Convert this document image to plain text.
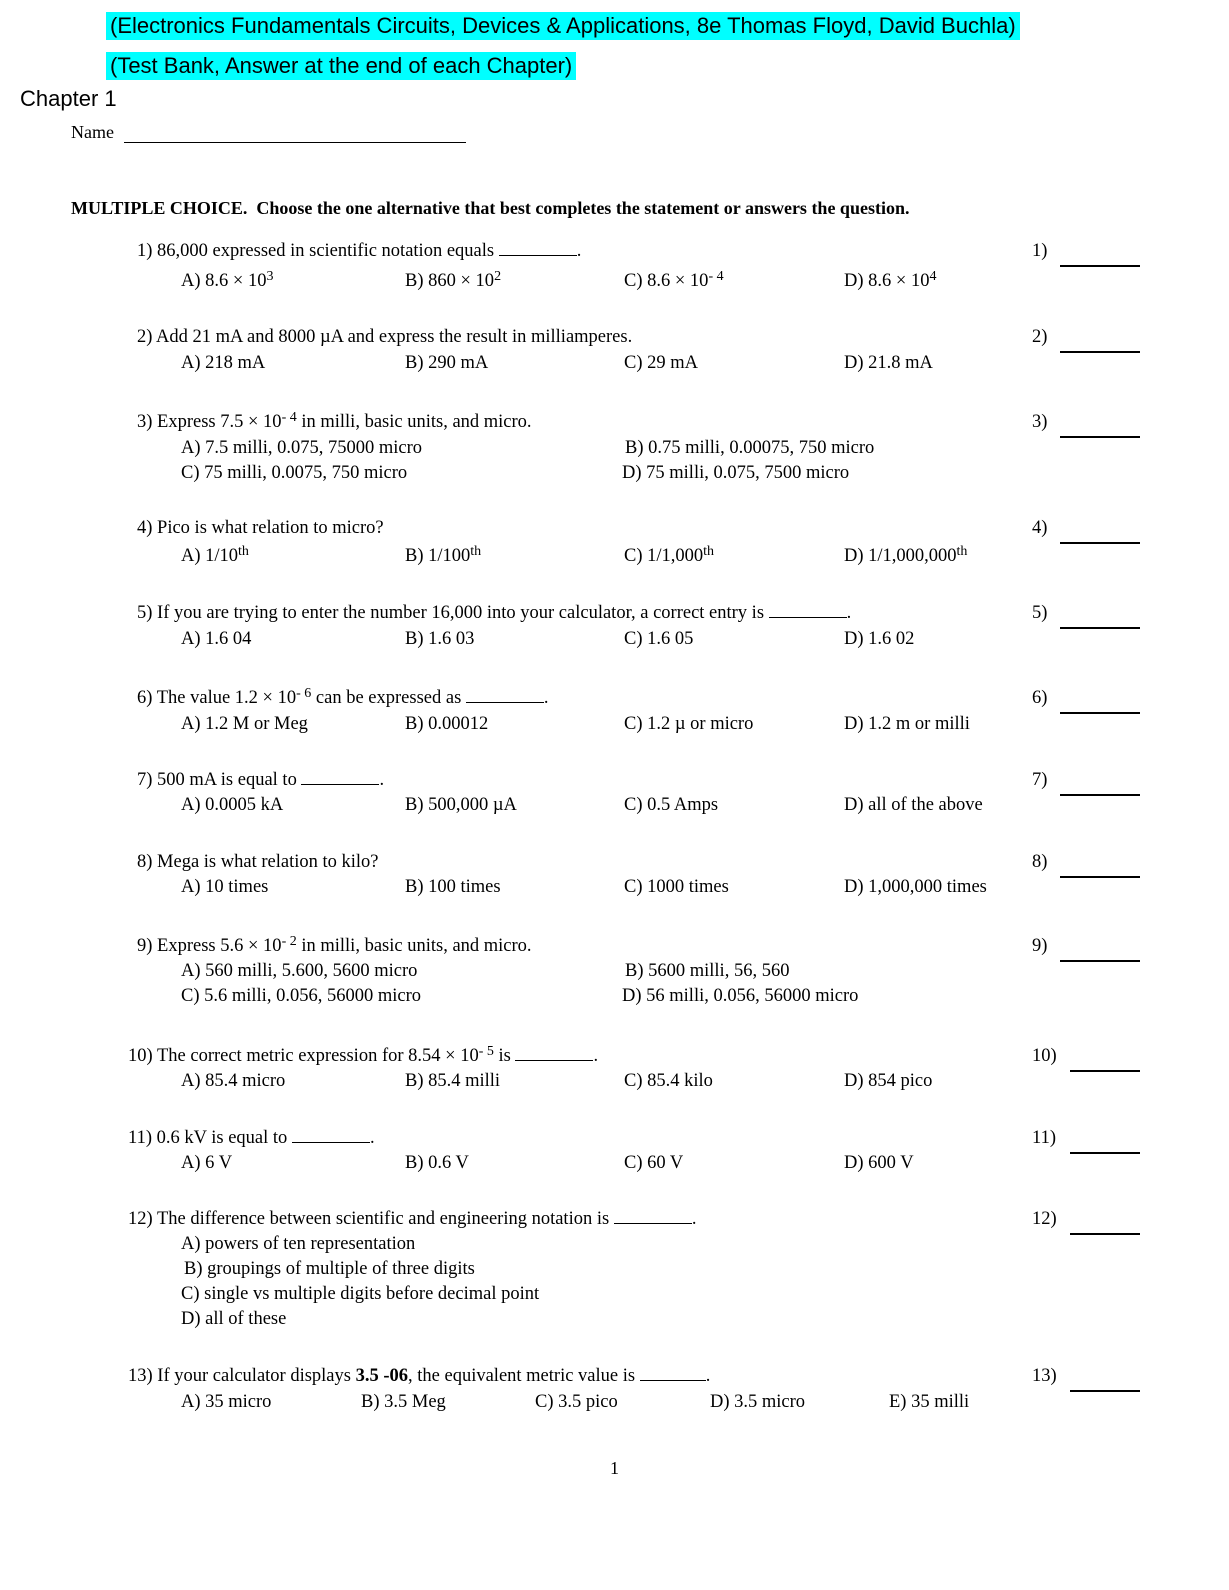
(Electronics Fundamentals Circuits, Devices & Applications, 8e Thomas Floyd, David Buchla)
(Test Bank, Answer at the end of each Chapter)
Chapter 1
Name
MULTIPLE CHOICE. Choose the one alternative that best completes the statement or answers the question.
1) 86,000 expressed in scientific notation equals	.	1)
A) $8.6 \times 10^3$	B) $860 \times 10^2$	C) $8.6 \times 10^{- 4}$	D) $8.6 \times 10^4$
2) Add 21 mA and 8000 µA and express the result in milliamperes.	2)
A) 218 mA	B) 290 mA	C) 29 mA	D) 21.8 mA
3) Express $7.5 \times 10^{- 4}$ in milli, basic units, and micro.	3)
A) 7.5 milli, 0.075, 75000 micro	B) 0.75 milli, 0.00075, 750 micro
C) 75 milli, 0.0075, 750 micro	D) 75 milli, 0.075, 7500 micro
4) Pico is what relation to micro?	4)
A) 1/10th	B) 1/100th	C) 1/1,000th	D) 1/1,000,000th
5) If you are trying to enter the number 16,000 into your calculator, a correct entry is	.	5)
A) 1.6 04	B) 1.6 03	C) 1.6 05	D) 1.6 02
6) The value $1.2 \times 10^{- 6}$ can be expressed as	.	6)
A) 1.2 M or Meg	B) 0.00012	C) 1.2 µ or micro	D) 1.2 m or milli
7) 500 mA is equal to	.	7)
A) 0.0005 kA	B) 500,000 µA	C) 0.5 Amps	D) all of the above
8) Mega is what relation to kilo?	8)
A) 10 times	B) 100 times	C) 1000 times	D) 1,000,000 times
9) Express $5.6 \times 10^{- 2}$ in milli, basic units, and micro.	9)
A) 560 milli, 5.600, 5600 micro	B) 5600 milli, 56, 560
C) 5.6 milli, 0.056, 56000 micro	D) 56 milli, 0.056, 56000 micro
10) The correct metric expression for $8.54 \times 10^{- 5}$ is	.	10)
A) 85.4 micro	B) 85.4 milli	C) 85.4 kilo	D) 854 pico
11) 0.6 kV is equal to	.	11)
A) 6 V	B) 0.6 V	C) 60 V	D) 600 V
12) The difference between scientific and engineering notation is	.	12)
A) powers of ten representation
B) groupings of multiple of three digits
C) single vs multiple digits before decimal point
D) all of these
13) If your calculator displays 3.5 -06, the equivalent metric value is	.	13)
A) 35 micro	B) 3.5 Meg	C) 3.5 pico	D) 3.5 micro	E) 35 milli
1
